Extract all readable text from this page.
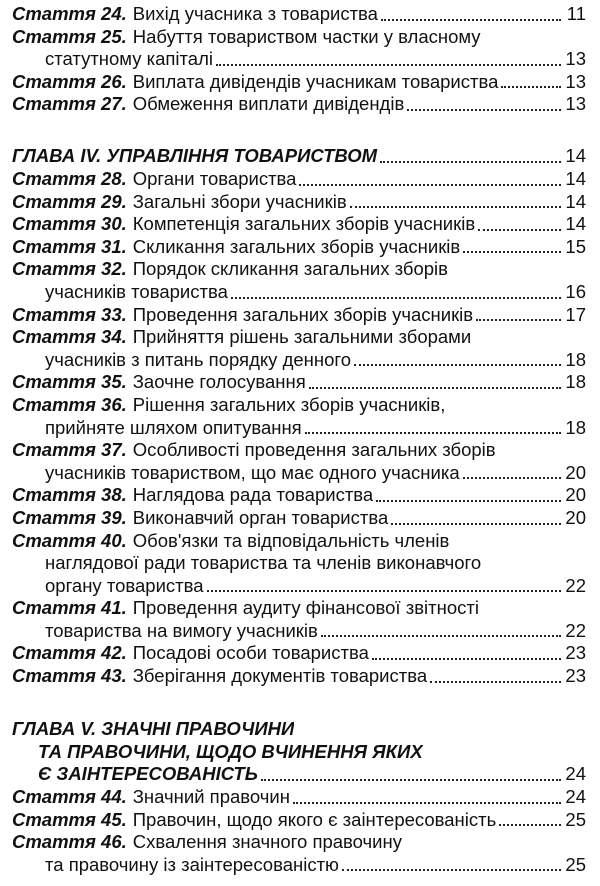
Стаття 24. Вихід учасника з товариства	11
Стаття 25. Набуття товариством частки у власному
статутному капіталі	13
Стаття 26. Виплата дивідендів учасникам товариства	13
Стаття 27. Обмеження виплати дивідендів	13
ГЛАВА IV. УПРАВЛІННЯ ТОВАРИСТВОМ	14
Стаття 28. Органи товариства	14
Стаття 29. Загальні збори учасників	14
Стаття 30. Компетенція загальних зборів учасників	14
Стаття 31. Скликання загальних зборів учасників	15
Стаття 32. Порядок скликання загальних зборів
учасників товариства	16
Стаття 33. Проведення загальних зборів учасників	17
Стаття 34. Прийняття рішень загальними зборами
учасників з питань порядку денного	18
Стаття 35. Заочне голосування	18
Стаття 36. Рішення загальних зборів учасників,
прийняте шляхом опитування	18
Стаття 37. Особливості проведення загальних зборів
учасників товариством, що має одного учасника	20
Стаття 38. Наглядова рада товариства	20
Стаття 39. Виконавчий орган товариства	20
Стаття 40. Обов'язки та відповідальність членів
наглядової ради товариства та членів виконавчого
органу товариства	22
Стаття 41. Проведення аудиту фінансової звітності
товариства на вимогу учасників	22
Стаття 42. Посадові особи товариства	23
Стаття 43. Зберігання документів товариства	23
ГЛАВА V. ЗНАЧНІ ПРАВОЧИНИ
ТА ПРАВОЧИНИ, ЩОДО ВЧИНЕННЯ ЯКИХ
Є ЗАІНТЕРЕСОВАНІСТЬ	24
Стаття 44. Значний правочин	24
Стаття 45. Правочин, щодо якого є заінтересованість	25
Стаття 46. Схвалення значного правочину
та правочину із заінтересованістю	25
